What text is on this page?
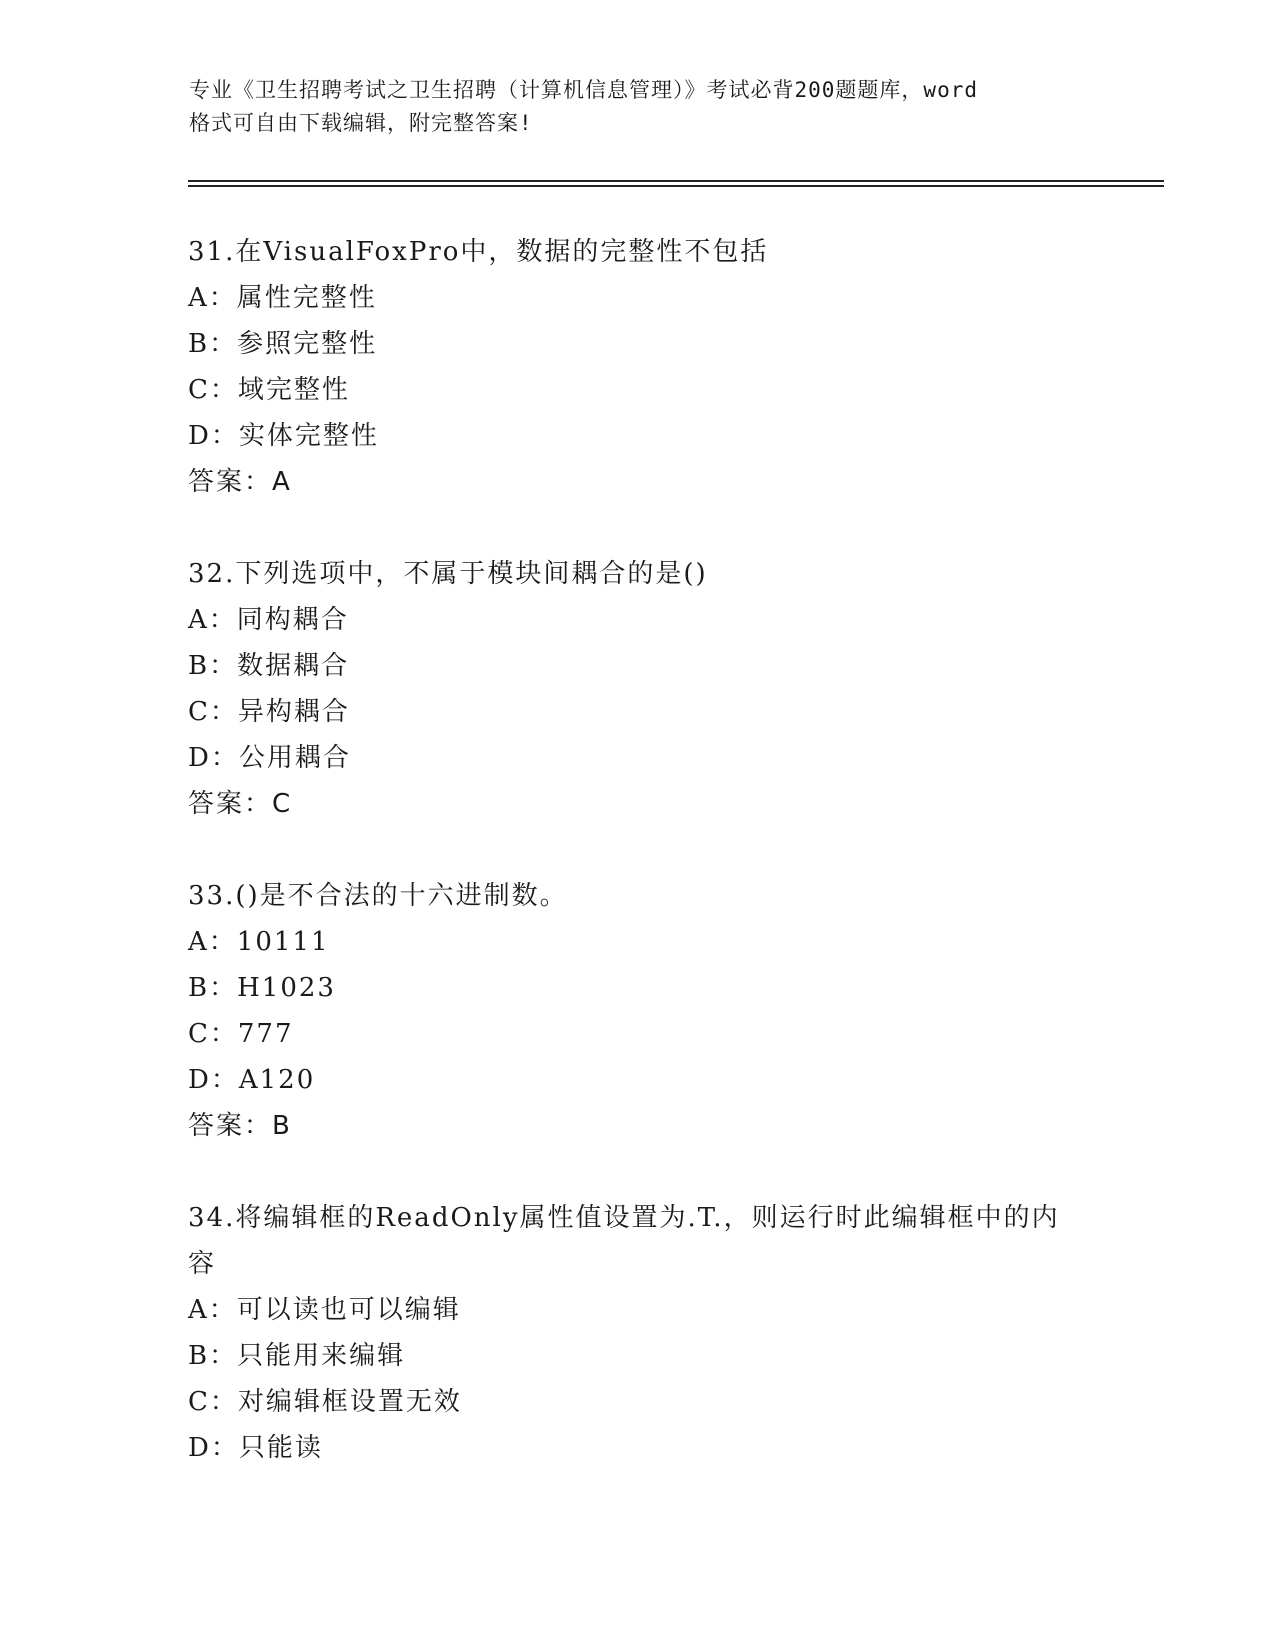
专业《卫生招聘考试之卫生招聘（计算机信息管理）》考试必背200题题库，word
格式可自由下载编辑，附完整答案!
31.在VisualFoxPro中，数据的完整性不包括
A：属性完整性
B：参照完整性
C：域完整性
D：实体完整性
答案：A
32.下列选项中，不属于模块间耦合的是()
A：同构耦合
B：数据耦合
C：异构耦合
D：公用耦合
答案：C
33.()是不合法的十六进制数。
A：10111
B：H1023
C：777
D：A120
答案：B
34.将编辑框的ReadOnly属性值设置为.T.，则运行时此编辑框中的内
容
A：可以读也可以编辑
B：只能用来编辑
C：对编辑框设置无效
D：只能读
